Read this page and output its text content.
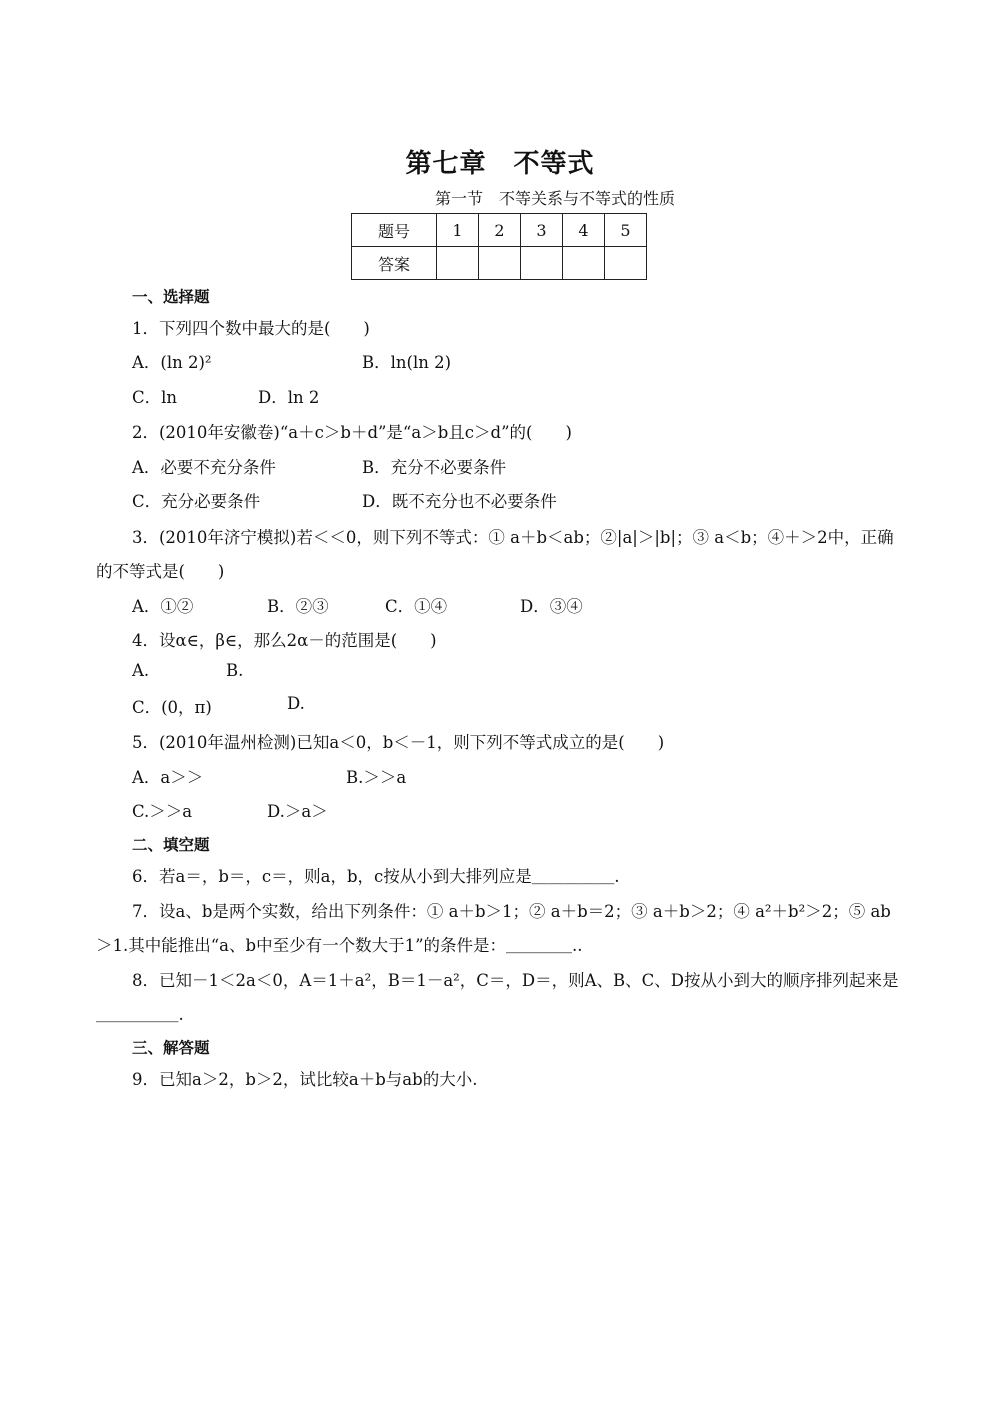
第七章　不等式
第一节　不等关系与不等式的性质
题号	1	2	3	4	5
答案					
一、选择题
1．下列四个数中最大的是(　　)
A．(ln 2)²	B．ln(ln 2)
C．ln	D．ln 2
2．(2010年安徽卷)“a＋c＞b＋d”是“a＞b且c＞d”的(　　)
A．必要不充分条件	B．充分不必要条件
C．充分必要条件	D．既不充分也不必要条件
3．(2010年济宁模拟)若＜＜0，则下列不等式：① a＋b＜ab；②|a|＞|b|；③ a＜b；④＋＞2中，正确
的不等式是(　　)
A．①②	B．②③	C．①④	D．③④
4．设α∈，β∈，那么2α－的范围是(　　)
A.	B.
C．(0，π)	D.
5．(2010年温州检测)已知a＜0，b＜－1，则下列不等式成立的是(　　)
A．a＞＞	B.＞＞a
C.＞＞a	D.＞a＞
二、填空题
6．若a＝，b＝，c＝，则a，b，c按从小到大排列应是＿＿＿＿＿.
7．设a、b是两个实数，给出下列条件：① a＋b＞1；② a＋b＝2；③ a＋b＞2；④ a²＋b²＞2；⑤ ab
＞1.其中能推出“a、b中至少有一个数大于1”的条件是：＿＿＿＿..
8．已知－1＜2a＜0，A＝1＋a²，B＝1－a²，C＝，D＝，则A、B、C、D按从小到大的顺序排列起来是
＿＿＿＿＿.
三、解答题
9．已知a＞2，b＞2，试比较a＋b与ab的大小.
